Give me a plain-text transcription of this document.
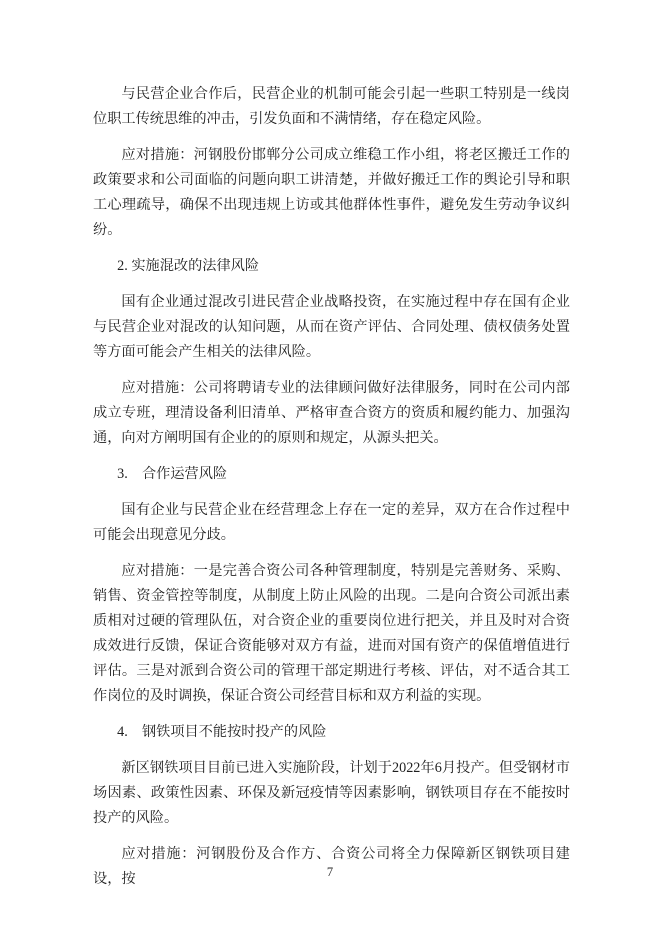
与民营企业合作后，民营企业的机制可能会引起一些职工特别是一线岗位职工传统思维的冲击，引发负面和不满情绪，存在稳定风险。

应对措施：河钢股份邯郸分公司成立维稳工作小组，将老区搬迁工作的政策要求和公司面临的问题向职工讲清楚，并做好搬迁工作的舆论引导和职工心理疏导，确保不出现违规上访或其他群体性事件，避免发生劳动争议纠纷。

2. 实施混改的法律风险

国有企业通过混改引进民营企业战略投资，在实施过程中存在国有企业与民营企业对混改的认知问题，从而在资产评估、合同处理、债权债务处置等方面可能会产生相关的法律风险。

应对措施：公司将聘请专业的法律顾问做好法律服务，同时在公司内部成立专班，理清设备利旧清单、严格审查合资方的资质和履约能力、加强沟通，向对方阐明国有企业的的原则和规定，从源头把关。

3.　合作运营风险

国有企业与民营企业在经营理念上存在一定的差异，双方在合作过程中可能会出现意见分歧。

应对措施：一是完善合资公司各种管理制度，特别是完善财务、采购、销售、资金管控等制度，从制度上防止风险的出现。二是向合资公司派出素质相对过硬的管理队伍，对合资企业的重要岗位进行把关，并且及时对合资成效进行反馈，保证合资能够对双方有益，进而对国有资产的保值增值进行评估。三是对派到合资公司的管理干部定期进行考核、评估，对不适合其工作岗位的及时调换，保证合资公司经营目标和双方利益的实现。

4.　钢铁项目不能按时投产的风险

新区钢铁项目目前已进入实施阶段，计划于2022年6月投产。但受钢材市场因素、政策性因素、环保及新冠疫情等因素影响，钢铁项目存在不能按时投产的风险。

应对措施：河钢股份及合作方、合资公司将全力保障新区钢铁项目建设，按	7
